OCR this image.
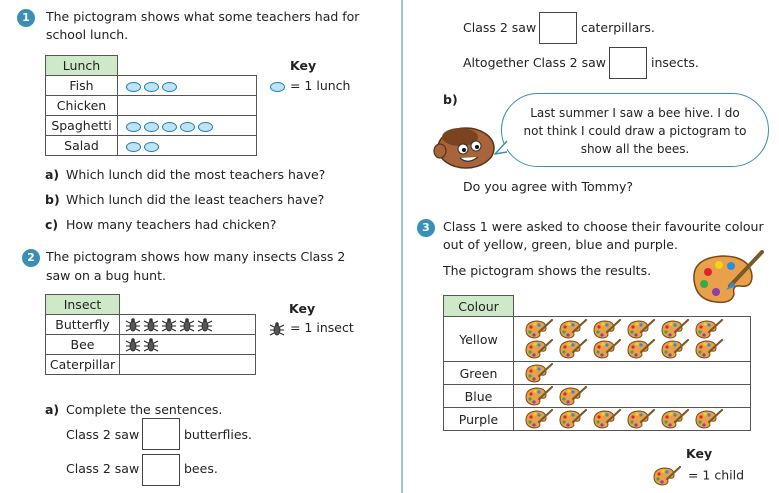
1	The pictogram shows what some teachers had for
school lunch.
Lunch	
Fish	
Chicken	
Spaghetti	
Salad	
Key
= 1 lunch
a) Which lunch did the most teachers have?
b) Which lunch did the least teachers have?
c) How many teachers had chicken?
2 The pictogram shows how many insects Class 2
saw on a bug hunt.
Insect	
Butterfly	
Bee	
Caterpillar	
Key
= 1 insect
a) Complete the sentences.
Class 2 saw	butterflies.
Class 2 saw	bees.
Class 2 saw	caterpillars.
Altogether Class 2 saw	insects.
b)
Last summer I saw a bee hive. I do
not think I could draw a pictogram to
show all the bees.
Do you agree with Tommy?
3	Class 1 were asked to choose their favourite colour
out of yellow, green, blue and purple.
The pictogram shows the results.
Colour	
Yellow	

Green	

Blue	

Purple	
Key
= 1 child
